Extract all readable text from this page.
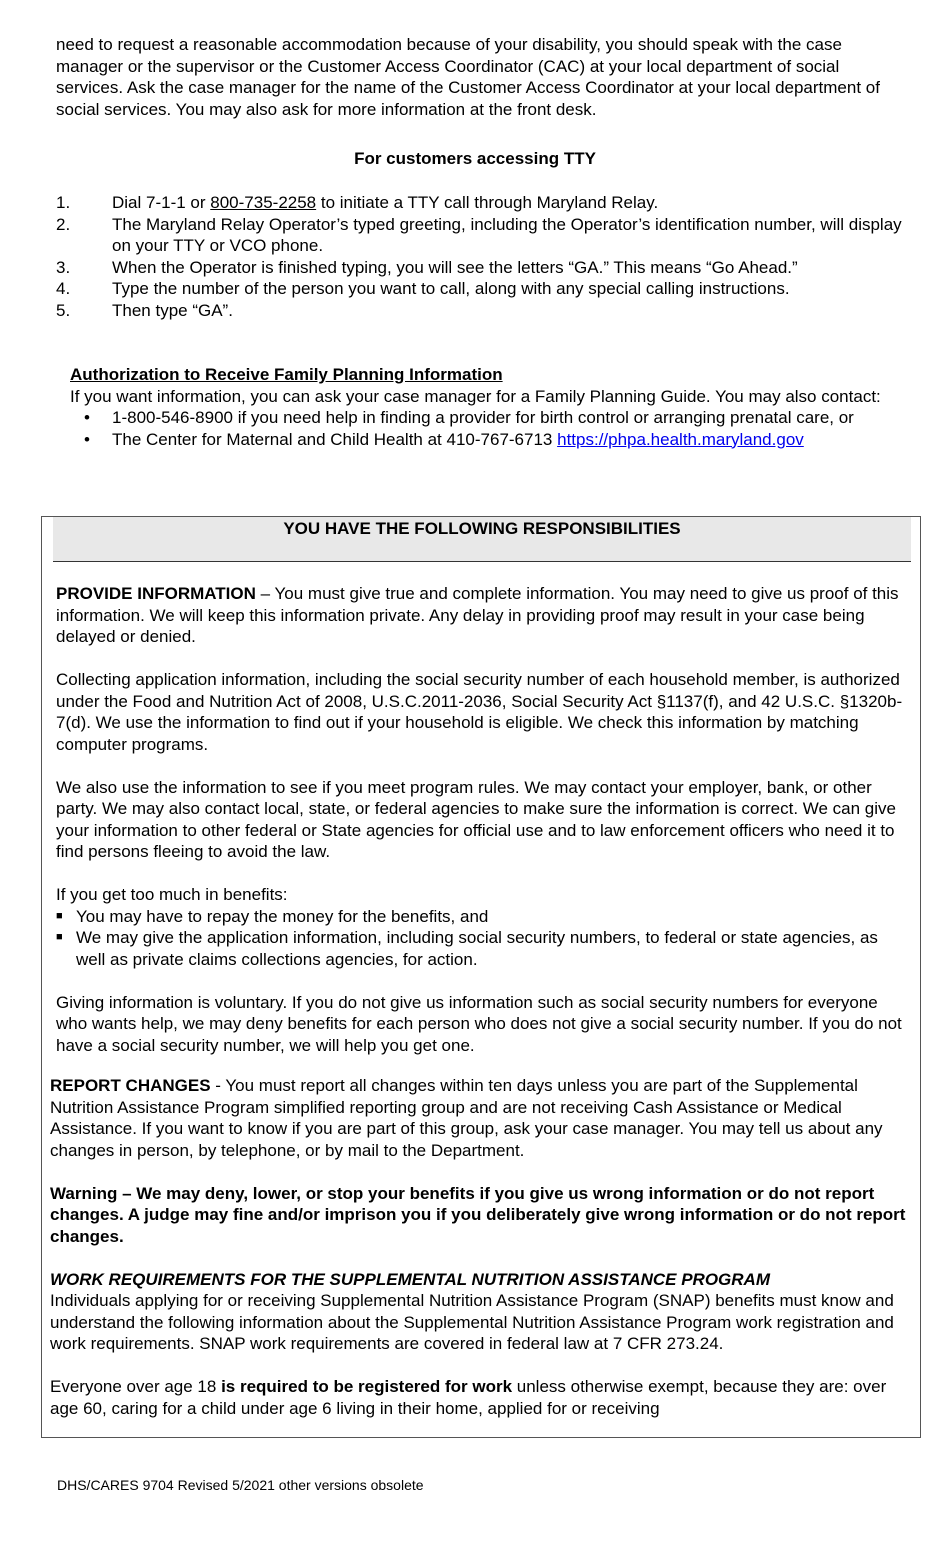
need to request a reasonable accommodation because of your disability, you should speak with the case manager or the supervisor or the Customer Access Coordinator (CAC) at your local department of social services. Ask the case manager for the name of the Customer Access Coordinator at your local department of social services. You may also ask for more information at the front desk.

For customers accessing TTY
1.	Dial 7-1-1 or 800-735-2258 to initiate a TTY call through Maryland Relay.
2.	The Maryland Relay Operator’s typed greeting, including the Operator’s identification number, will display on your TTY or VCO phone.
3.	When the Operator is finished typing, you will see the letters “GA.” This means “Go Ahead.”
4.	Type the number of the person you want to call, along with any special calling instructions.
5.	Then type “GA”.
Authorization to Receive Family Planning Information

If you want information, you can ask your case manager for a Family Planning Guide. You may also contact:

•	1-800-546-8900 if you need help in finding a provider for birth control or arranging prenatal care, or
•	The Center for Maternal and Child Health at 410-767-6713 https://phpa.health.maryland.gov
YOU HAVE THE FOLLOWING RESPONSIBILITIES

PROVIDE INFORMATION – You must give true and complete information. You may need to give us proof of this information. We will keep this information private. Any delay in providing proof may result in your case being delayed or denied.

Collecting application information, including the social security number of each household member, is authorized under the Food and Nutrition Act of 2008, U.S.C.2011-2036, Social Security Act §1137(f), and 42 U.S.C. §1320b-7(d). We use the information to find out if your household is eligible. We check this information by matching computer programs.

We also use the information to see if you meet program rules. We may contact your employer, bank, or other party. We may also contact local, state, or federal agencies to make sure the information is correct. We can give your information to other federal or State agencies for official use and to law enforcement officers who need it to find persons fleeing to avoid the law.

If you get too much in benefits:
■ You may have to repay the money for the benefits, and
■ We may give the application information, including social security numbers, to federal or state agencies, as well as private claims collections agencies, for action.

Giving information is voluntary. If you do not give us information such as social security numbers for everyone who wants help, we may deny benefits for each person who does not give a social security number. If you do not have a social security number, we will help you get one.

REPORT CHANGES - You must report all changes within ten days unless you are part of the Supplemental Nutrition Assistance Program simplified reporting group and are not receiving Cash Assistance or Medical Assistance. If you want to know if you are part of this group, ask your case manager. You may tell us about any changes in person, by telephone, or by mail to the Department.

Warning – We may deny, lower, or stop your benefits if you give us wrong information or do not report changes. A judge may fine and/or imprison you if you deliberately give wrong information or do not report changes.

WORK REQUIREMENTS FOR THE SUPPLEMENTAL NUTRITION ASSISTANCE PROGRAM

Individuals applying for or receiving Supplemental Nutrition Assistance Program (SNAP) benefits must know and understand the following information about the Supplemental Nutrition Assistance Program work registration and work requirements. SNAP work requirements are covered in federal law at 7 CFR 273.24.

Everyone over age 18 is required to be registered for work unless otherwise exempt, because they are: over age 60, caring for a child under age 6 living in their home, applied for or receiving

DHS/CARES 9704 Revised 5/2021 other versions obsolete
